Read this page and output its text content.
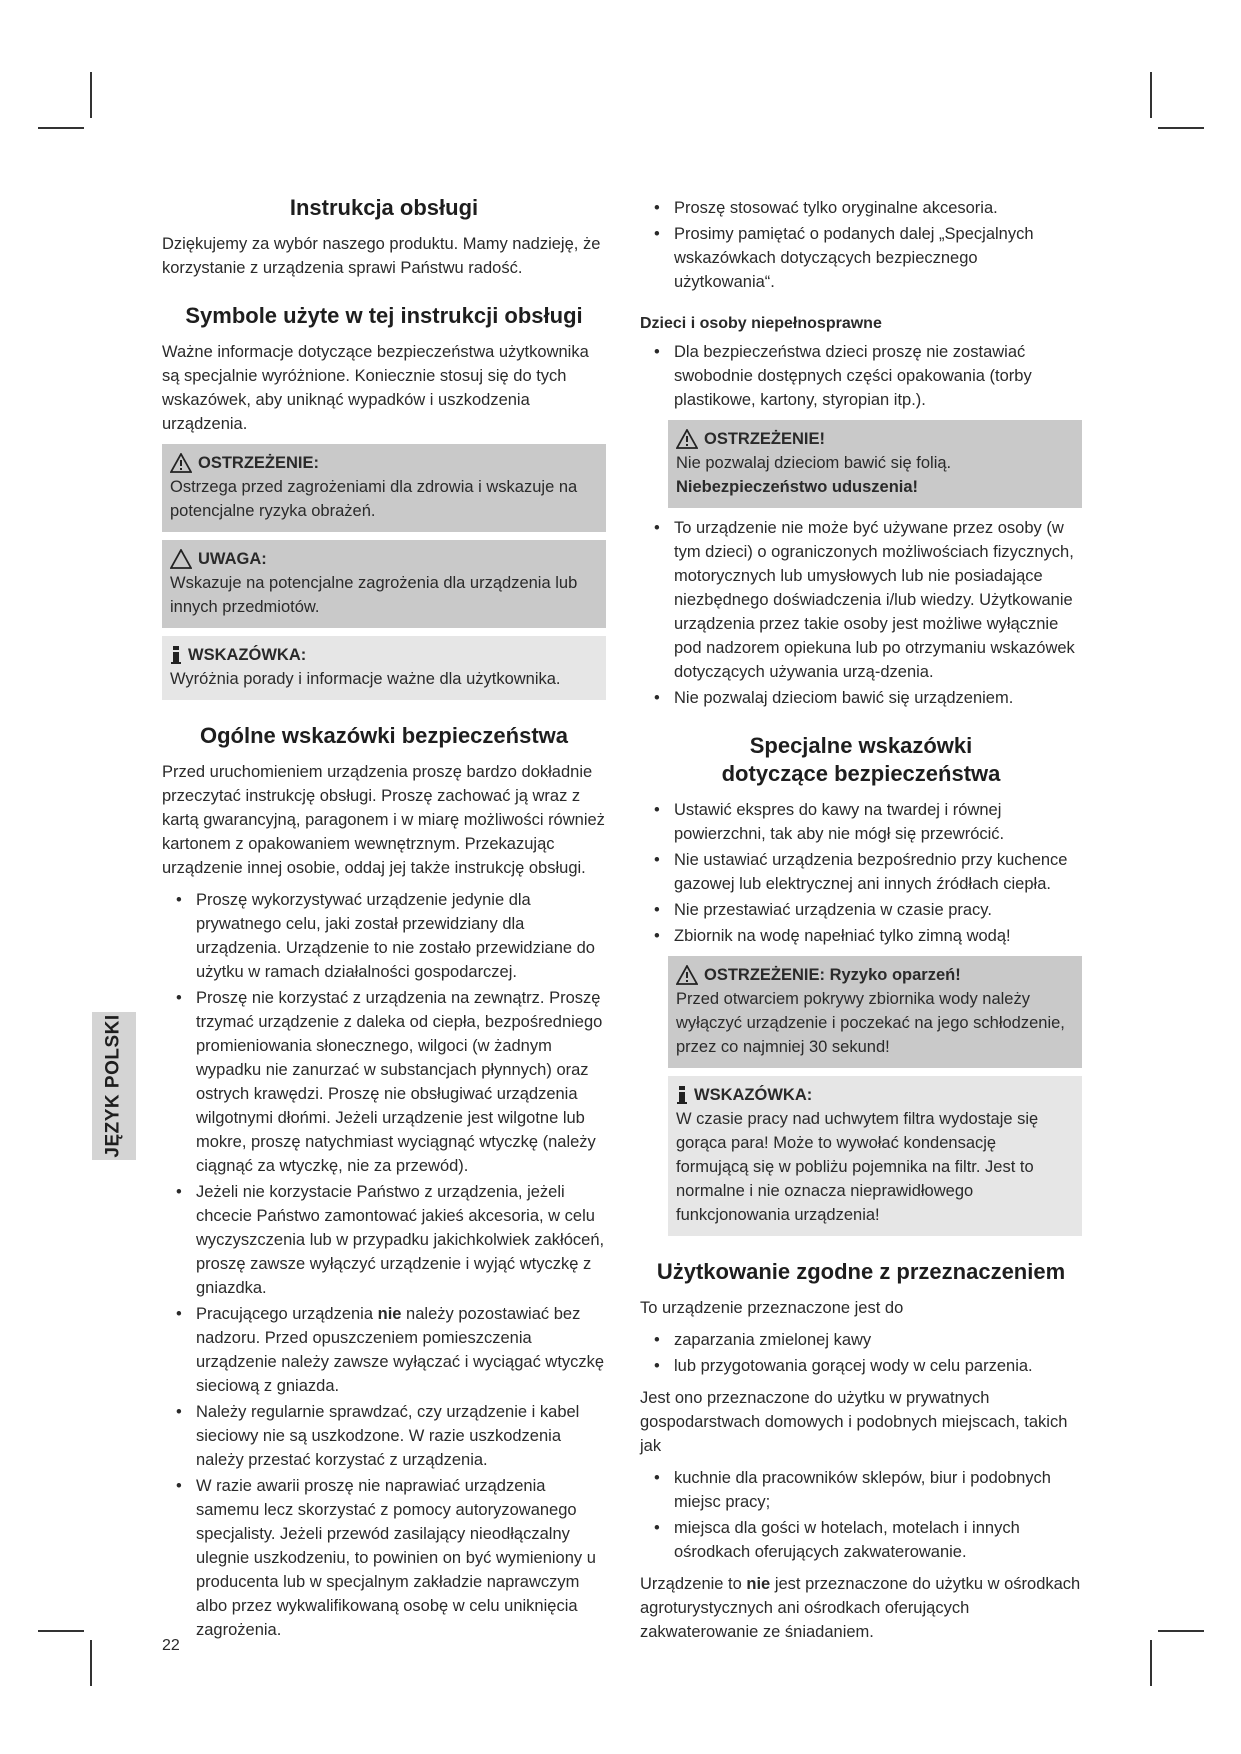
JĘZYK POLSKI
Instrukcja obsługi

Dziękujemy za wybór naszego produktu. Mamy nadzieję, że korzystanie z urządzenia sprawi Państwu radość.

Symbole użyte w tej instrukcji obsługi

Ważne informacje dotyczące bezpieczeństwa użytkownika są specjalnie wyróżnione. Koniecznie stosuj się do tych wskazówek, aby uniknąć wypadków i uszkodzenia urządzenia.

OSTRZEŻENIE:
Ostrzega przed zagrożeniami dla zdrowia i wskazuje na potencjalne ryzyka obrażeń.
UWAGA:
Wskazuje na potencjalne zagrożenia dla urządzenia lub innych przedmiotów.
WSKAZÓWKA:
Wyróżnia porady i informacje ważne dla użytkownika.
Ogólne wskazówki bezpieczeństwa

Przed uruchomieniem urządzenia proszę bardzo dokładnie przeczytać instrukcję obsługi. Proszę zachować ją wraz z kartą gwarancyjną, paragonem i w miarę możliwości również kartonem z opakowaniem wewnętrznym. Przekazując urządzenie innej osobie, oddaj jej także instrukcję obsługi.

• Proszę wykorzystywać urządzenie jedynie dla prywatnego celu, jaki został przewidziany dla urządzenia. Urządzenie to nie zostało przewidziane do użytku w ramach działalności gospodarczej.
• Proszę nie korzystać z urządzenia na zewnątrz. Proszę trzymać urządzenie z daleka od ciepła, bezpośredniego promieniowania słonecznego, wilgoci (w żadnym wypadku nie zanurzać w substancjach płynnych) oraz ostrych krawędzi. Proszę nie obsługiwać urządzenia wilgotnymi dłońmi. Jeżeli urządzenie jest wilgotne lub mokre, proszę natychmiast wyciągnąć wtyczkę (należy ciągnąć za wtyczkę, nie za przewód).
• Jeżeli nie korzystacie Państwo z urządzenia, jeżeli chcecie Państwo zamontować jakieś akcesoria, w celu wyczyszczenia lub w przypadku jakichkolwiek zakłóceń, proszę zawsze wyłączyć urządzenie i wyjąć wtyczkę z gniazdka.
• Pracującego urządzenia nie należy pozostawiać bez nadzoru. Przed opuszczeniem pomieszczenia urządzenie należy zawsze wyłączać i wyciągać wtyczkę sieciową z gniazda.
• Należy regularnie sprawdzać, czy urządzenie i kabel sieciowy nie są uszkodzone. W razie uszkodzenia należy przestać korzystać z urządzenia.
• W razie awarii proszę nie naprawiać urządzenia samemu lecz skorzystać z pomocy autoryzowanego specjalisty. Jeżeli przewód zasilający nieodłączalny ulegnie uszkodzeniu, to powinien on być wymieniony u producenta lub w specjalnym zakładzie naprawczym albo przez wykwalifikowaną osobę w celu uniknięcia zagrożenia.
22
• Proszę stosować tylko oryginalne akcesoria.
• Prosimy pamiętać o podanych dalej „Specjalnych wskazówkach dotyczących bezpiecznego użytkowania“.
Dzieci i osoby niepełnosprawne
• Dla bezpieczeństwa dzieci proszę nie zostawiać swobodnie dostępnych części opakowania (torby plastikowe, kartony, styropian itp.).
OSTRZEŻENIE!
Nie pozwalaj dzieciom bawić się folią. Niebezpieczeństwo uduszenia!
• To urządzenie nie może być używane przez osoby (w tym dzieci) o ograniczonych możliwościach fizycznych, motorycznych lub umysłowych lub nie posiadające niezbędnego doświadczenia i/lub wiedzy. Użytkowanie urządzenia przez takie osoby jest możliwe wyłącznie pod nadzorem opiekuna lub po otrzymaniu wskazówek dotyczących używania urzą-dzenia.
• Nie pozwalaj dzieciom bawić się urządzeniem.
Specjalne wskazówki dotyczące bezpieczeństwa
• Ustawić ekspres do kawy na twardej i równej powierzchni, tak aby nie mógł się przewrócić.
• Nie ustawiać urządzenia bezpośrednio przy kuchence gazowej lub elektrycznej ani innych źródłach ciepła.
• Nie przestawiać urządzenia w czasie pracy.
• Zbiornik na wodę napełniać tylko zimną wodą!
OSTRZEŻENIE: Ryzyko oparzeń!
Przed otwarciem pokrywy zbiornika wody należy wyłączyć urządzenie i poczekać na jego schłodzenie, przez co najmniej 30 sekund!
WSKAZÓWKA:
W czasie pracy nad uchwytem filtra wydostaje się gorąca para! Może to wywołać kondensację formującą się w pobliżu pojemnika na filtr. Jest to normalne i nie oznacza nieprawidłowego funkcjonowania urządzenia!
Użytkowanie zgodne z przeznaczeniem

To urządzenie przeznaczone jest do

• zaparzania zmielonej kawy
• lub przygotowania gorącej wody w celu parzenia.

Jest ono przeznaczone do użytku w prywatnych gospodarstwach domowych i podobnych miejscach, takich jak

• kuchnie dla pracowników sklepów, biur i podobnych miejsc pracy;
• miejsca dla gości w hotelach, motelach i innych ośrodkach oferujących zakwaterowanie.

Urządzenie to nie jest przeznaczone do użytku w ośrodkach agroturystycznych ani ośrodkach oferujących zakwaterowanie ze śniadaniem.
